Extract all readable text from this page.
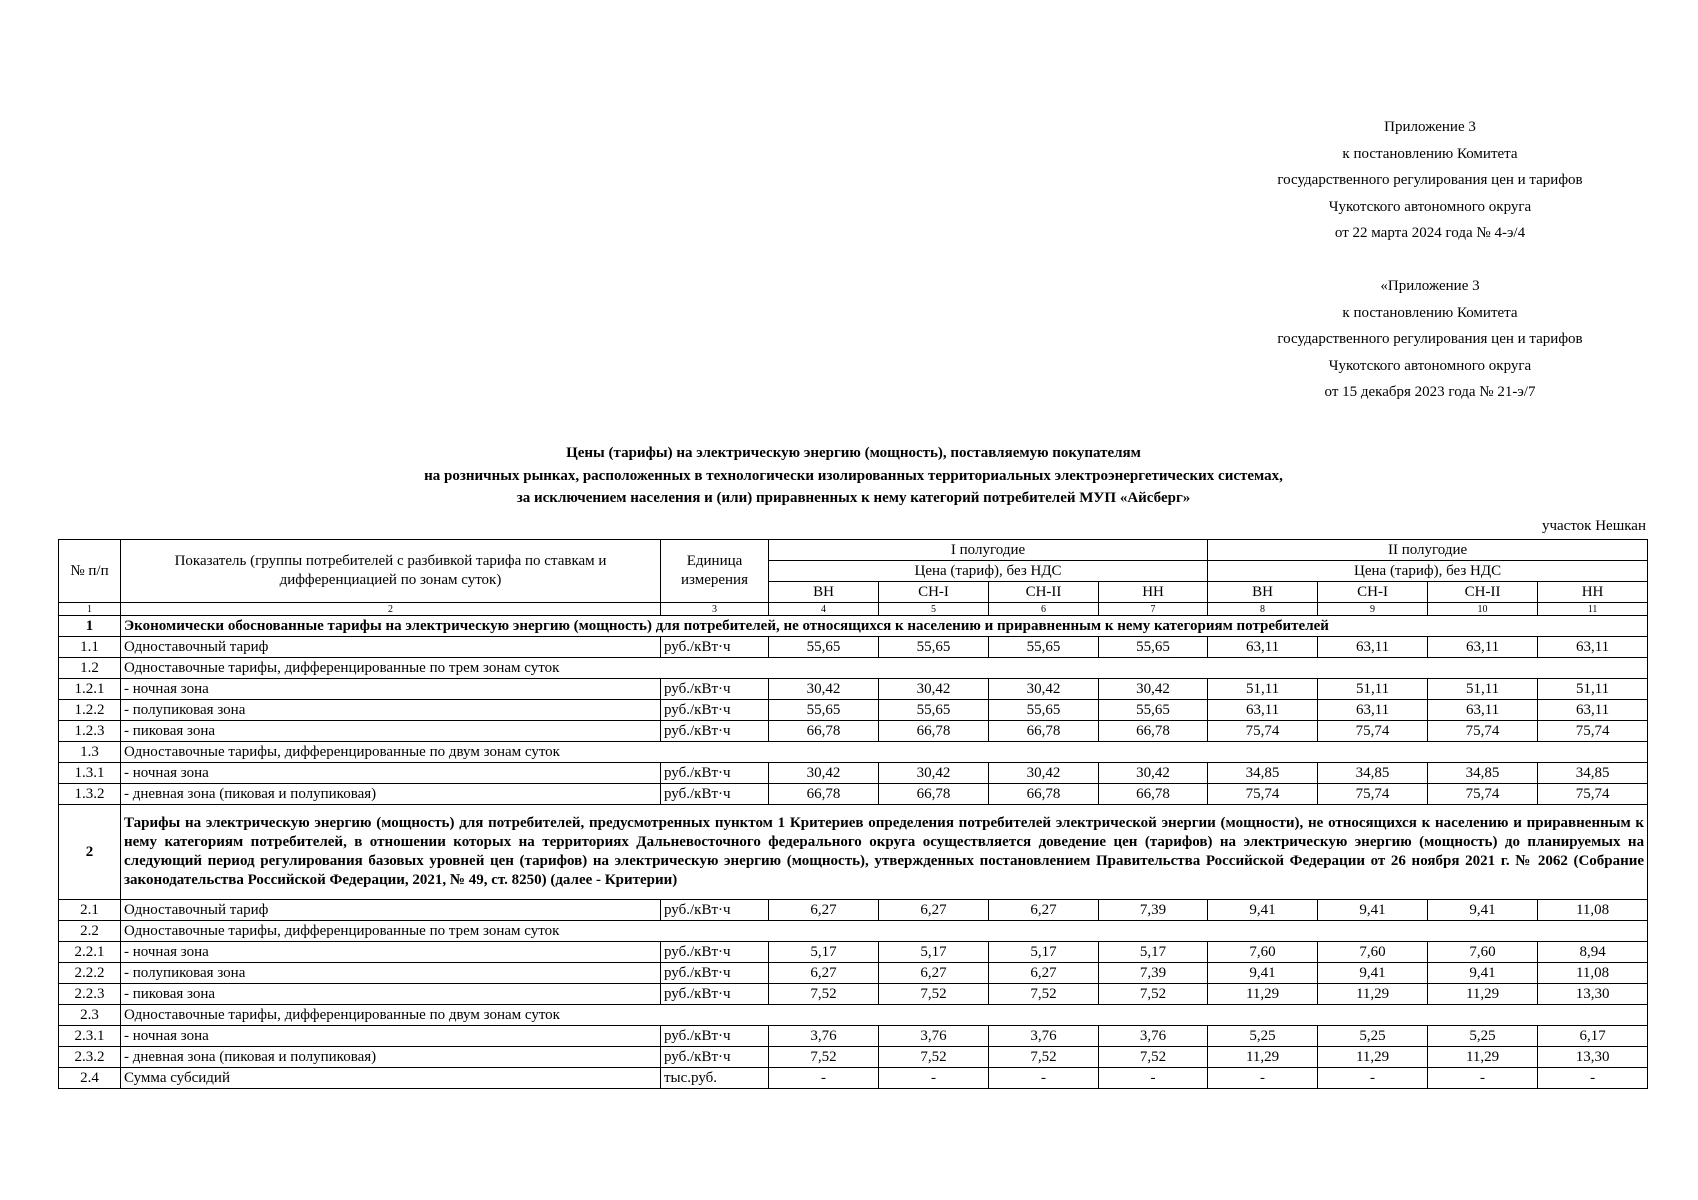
Приложение 3
к постановлению Комитета
государственного регулирования цен и тарифов
Чукотского автономного округа
от 22 марта 2024 года № 4-э/4
«Приложение 3
к постановлению Комитета
государственного регулирования цен и тарифов
Чукотского автономного округа
от 15 декабря 2023 года № 21-э/7
Цены (тарифы) на электрическую энергию (мощность), поставляемую покупателям
на розничных рынках, расположенных в технологически изолированных территориальных электроэнергетических системах,
за исключением населения и (или) приравненных к нему категорий потребителей МУП «Айсберг»
участок Нешкан
№ п/п	Показатель (группы потребителей с разбивкой тарифа по ставкам и дифференциацией по зонам суток)	Единица измерения	I полугодие				II полугодие			
			Цена (тариф), без НДС				Цена (тариф), без НДС			
			ВН	СН-I	СН-II	НН	ВН	СН-I	СН-II	НН
1	2	3	4	5	6	7	8	9	10	11
1	Экономически обоснованные тарифы на электрическую энергию (мощность) для потребителей, не относящихся к населению и приравненным к нему категориям потребителей									
1.1	Одноставочный тариф	руб./кВт·ч	55,65	55,65	55,65	55,65	63,11	63,11	63,11	63,11
1.2	Одноставочные тарифы, дифференцированные по трем зонам суток									
1.2.1	- ночная зона	руб./кВт·ч	30,42	30,42	30,42	30,42	51,11	51,11	51,11	51,11
1.2.2	- полупиковая зона	руб./кВт·ч	55,65	55,65	55,65	55,65	63,11	63,11	63,11	63,11
1.2.3	- пиковая зона	руб./кВт·ч	66,78	66,78	66,78	66,78	75,74	75,74	75,74	75,74
1.3	Одноставочные тарифы, дифференцированные по двум зонам суток									
1.3.1	- ночная зона	руб./кВт·ч	30,42	30,42	30,42	30,42	34,85	34,85	34,85	34,85
1.3.2	- дневная зона (пиковая и полупиковая)	руб./кВт·ч	66,78	66,78	66,78	66,78	75,74	75,74	75,74	75,74
2	Тарифы на электрическую энергию (мощность) для потребителей, предусмотренных пунктом 1 Критериев определения потребителей электрической энергии (мощности), не относящихся к населению и приравненным к нему категориям потребителей, в отношении которых на территориях Дальневосточного федерального округа осуществляется доведение цен (тарифов) на электрическую энергию (мощность) до планируемых на следующий период регулирования базовых уровней цен (тарифов) на электрическую энергию (мощность), утвержденных постановлением Правительства Российской Федерации от 26 ноября 2021 г. № 2062 (Собрание законодательства Российской Федерации, 2021, № 49, ст. 8250) (далее - Критерии)									
2.1	Одноставочный тариф	руб./кВт·ч	6,27	6,27	6,27	7,39	9,41	9,41	9,41	11,08
2.2	Одноставочные тарифы, дифференцированные по трем зонам суток									
2.2.1	- ночная зона	руб./кВт·ч	5,17	5,17	5,17	5,17	7,60	7,60	7,60	8,94
2.2.2	- полупиковая зона	руб./кВт·ч	6,27	6,27	6,27	7,39	9,41	9,41	9,41	11,08
2.2.3	- пиковая зона	руб./кВт·ч	7,52	7,52	7,52	7,52	11,29	11,29	11,29	13,30
2.3	Одноставочные тарифы, дифференцированные по двум зонам суток									
2.3.1	- ночная зона	руб./кВт·ч	3,76	3,76	3,76	3,76	5,25	5,25	5,25	6,17
2.3.2	- дневная зона (пиковая и полупиковая)	руб./кВт·ч	7,52	7,52	7,52	7,52	11,29	11,29	11,29	13,30
2.4	Сумма субсидий	тыс.руб.	-	-	-	-	-	-	-	-
